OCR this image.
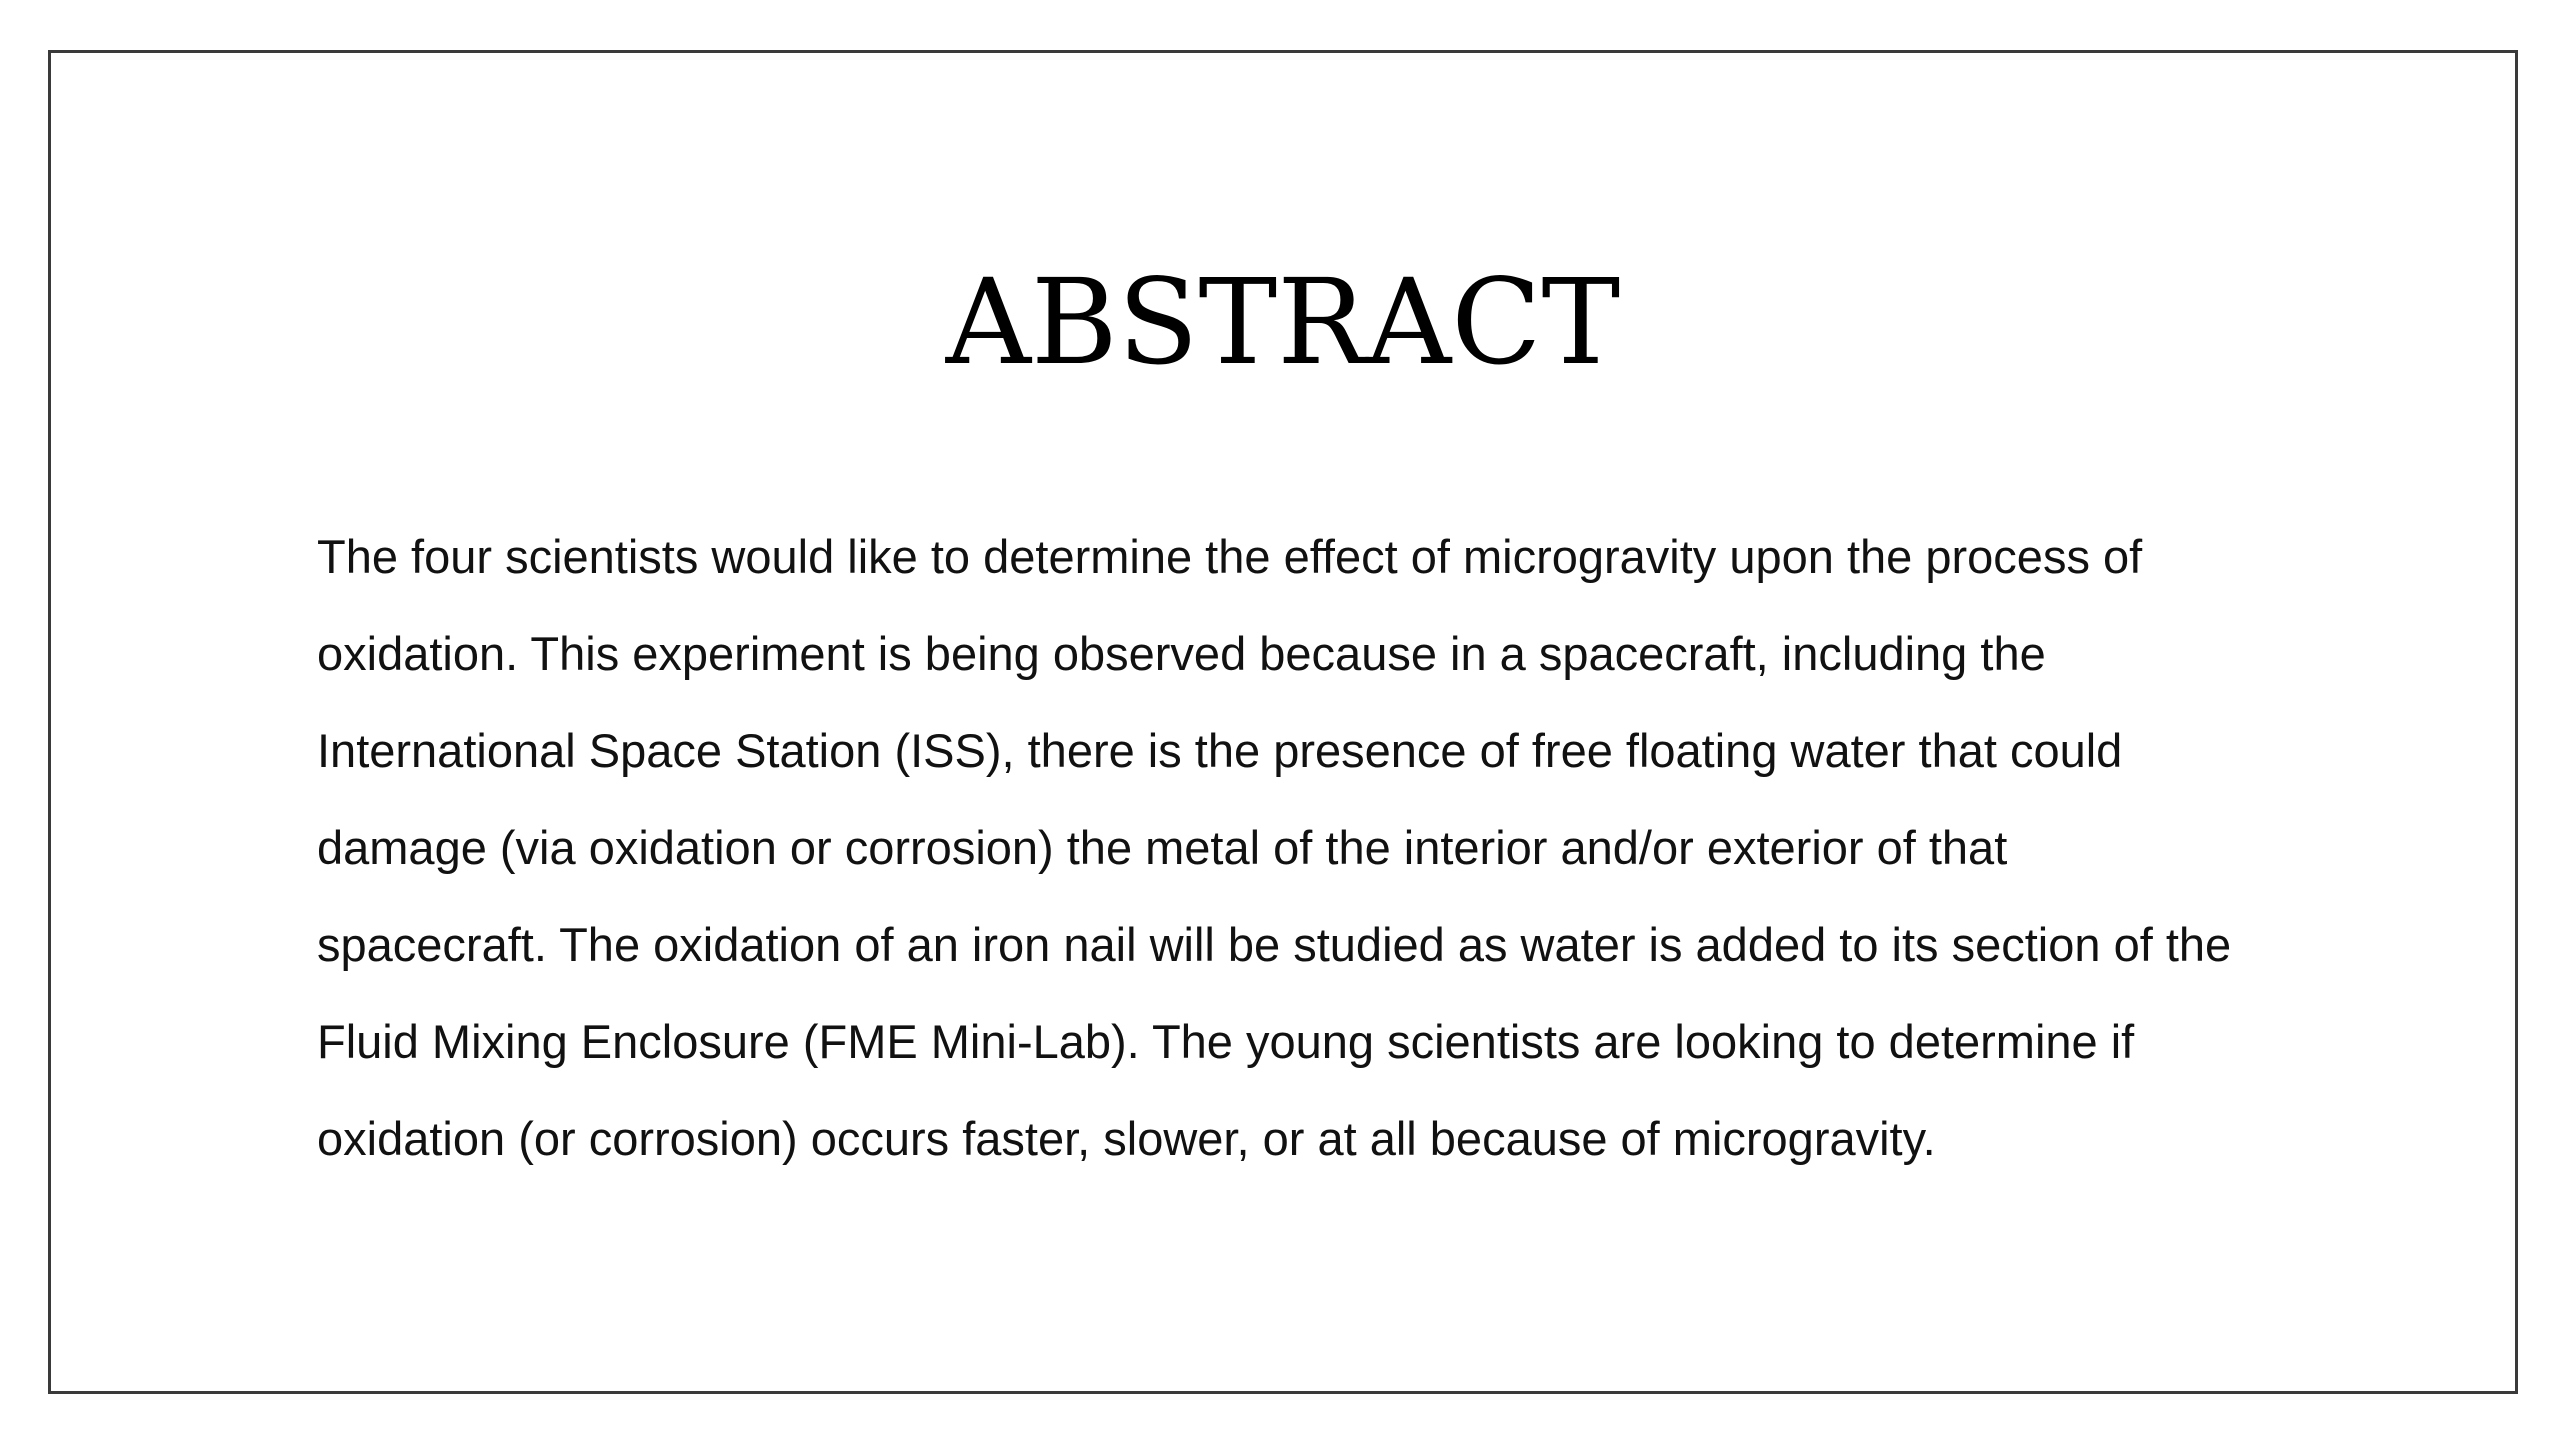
ABSTRACT

The four scientists would like to determine the effect of microgravity upon the process of
oxidation. This experiment is being observed because in a spacecraft, including the
International Space Station (ISS), there is the presence of free floating water that could
damage (via oxidation or corrosion) the metal of the interior and/or exterior of that
spacecraft. The oxidation of an iron nail will be studied as water is added to its section of the
Fluid Mixing Enclosure (FME Mini-Lab). The young scientists are looking to determine if
oxidation (or corrosion) occurs faster, slower, or at all because of microgravity.
